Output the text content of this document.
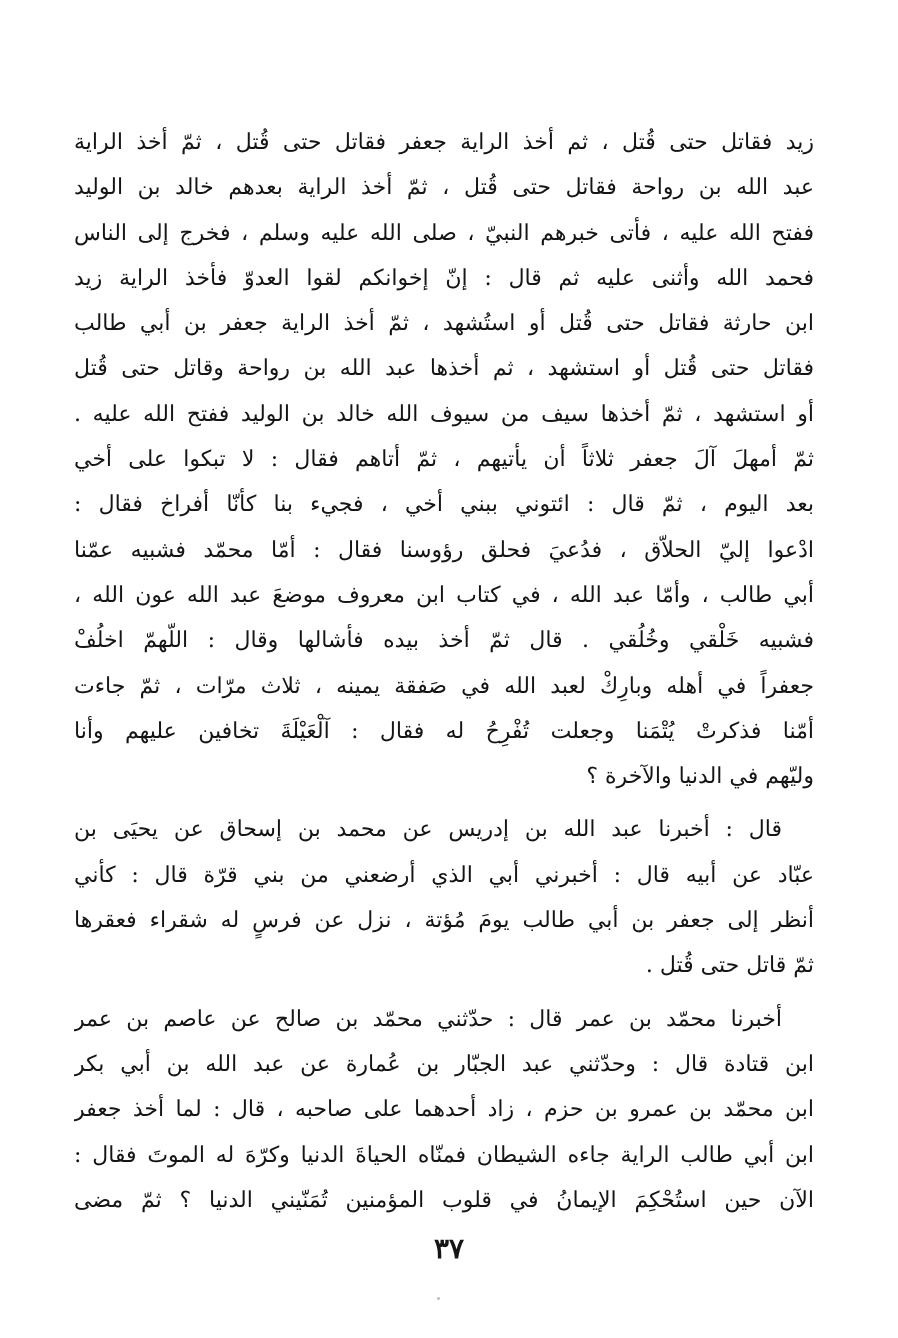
زيد فقاتل حتى قُتل ، ثم أخذ الراية جعفر فقاتل حتى قُتل ، ثمّ أخذ الراية
عبد الله بن رواحة فقاتل حتى قُتل ، ثمّ أخذ الراية بعدهم خالد بن الوليد
ففتح الله عليه ، فأتى خبرهم النبيّ ، صلى الله عليه وسلم ، فخرج إلى الناس
فحمد الله وأثنى عليه ثم قال : إنّ إخوانكم لقوا العدوّ فأخذ الراية زيد
ابن حارثة فقاتل حتى قُتل أو استُشهد ، ثمّ أخذ الراية جعفر بن أبي طالب
فقاتل حتى قُتل أو استشهد ، ثم أخذها عبد الله بن رواحة وقاتل حتى قُتل
أو استشهد ، ثمّ أخذها سيف من سيوف الله خالد بن الوليد ففتح الله عليه .
ثمّ أمهلَ آلَ جعفر ثلاثاً أن يأتيهم ، ثمّ أتاهم فقال : لا تبكوا على أخي
بعد اليوم ، ثمّ قال : ائتوني ببني أخي ، فجيء بنا كأنّا أفراخ فقال :
ادْعوا إليّ الحلاّق ، فدُعيَ فحلق رؤوسنا فقال : أمّا محمّد فشبيه عمّنا
أبي طالب ، وأمّا عبد الله ، في كتاب ابن معروف موضعَ عبد الله عون الله ،
فشبيه خَلْقي وخُلُقي . قال ثمّ أخذ بيده فأشالها وقال : اللّهمّ اخلُفْ
جعفراً في أهله وبارِكْ لعبد الله في صَفقة يمينه ، ثلاث مرّات ، ثمّ جاءت
أمّنا فذكرتْ يُتْمَنا وجعلت تُفْرِحُ له فقال : آلْعَيْلَةَ تخافين عليهم وأنا
وليّهم في الدنيا والآخرة ؟
قال : أخبرنا عبد الله بن إدريس عن محمد بن إسحاق عن يحيَى بن
عبّاد عن أبيه قال : أخبرني أبي الذي أرضعني من بني قرّة قال : كأني
أنظر إلى جعفر بن أبي طالب يومَ مُؤتة ، نزل عن فرسٍ له شقراء فعقرها
ثمّ قاتل حتى قُتل .
أخبرنا محمّد بن عمر قال : حدّثني محمّد بن صالح عن عاصم بن عمر
ابن قتادة قال : وحدّثني عبد الجبّار بن عُمارة عن عبد الله بن أبي بكر
ابن محمّد بن عمرو بن حزم ، زاد أحدهما على صاحبه ، قال : لما أخذ جعفر
ابن أبي طالب الراية جاءه الشيطان فمنّاه الحياةَ الدنيا وكرّهَ له الموتَ فقال :
الآن حين استُحْكِمَ الإيمانُ في قلوب المؤمنين تُمَنّيني الدنيا ؟ ثمّ مضى
٣٧
